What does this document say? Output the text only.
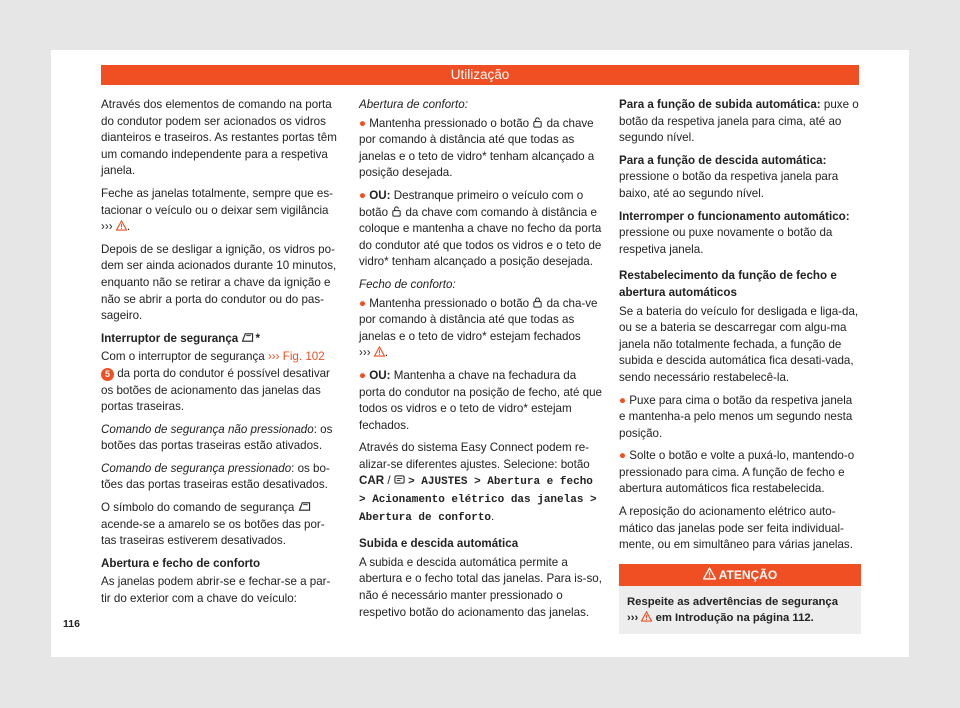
Utilização

Através dos elementos de comando na porta do condutor podem ser acionados os vidros dianteiros e traseiros. As restantes portas têm um comando independente para a respetiva janela.

Feche as janelas totalmente, sempre que es-tacionar o veículo ou o deixar sem vigilância
››› .

Depois de se desligar a ignição, os vidros po-dem ser ainda acionados durante 10 minutos, enquanto não se retirar a chave da ignição e não se abrir a porta do condutor ou do pas-sageiro.

Interruptor de segurança *

Com o interruptor de segurança ››› Fig. 102
5 da porta do condutor é possível desativar os botões de acionamento das janelas das portas traseiras.

Comando de segurança não pressionado: os botões das portas traseiras estão ativados.

Comando de segurança pressionado: os bo-tões das portas traseiras estão desativados.

O símbolo do comando de segurança  acende-se a amarelo se os botões das por-tas traseiras estiverem desativados.

Abertura e fecho de conforto

As janelas podem abrir-se e fechar-se a par-tir do exterior com a chave do veículo:

Abertura de conforto:

● Mantenha pressionado o botão da chave por comando à distância até que todas as janelas e o teto de vidro* tenham alcançado a posição desejada.

● OU: Destranque primeiro o veículo com o botão da chave com comando à distância e coloque e mantenha a chave no fecho da porta do condutor até que todos os vidros e o teto de vidro* tenham alcançado a posição desejada.

Fecho de conforto:

● Mantenha pressionado o botão da cha-ve por comando à distância até que todas as janelas e o teto de vidro* estejam fechados
››› .

● OU: Mantenha a chave na fechadura da porta do condutor na posição de fecho, até que todos os vidros e o teto de vidro* estejam fechados.

Através do sistema Easy Connect podem re-alizar-se diferentes ajustes. Selecione: botão
CAR / > AJUSTES > Abertura e fecho > Acionamento elétrico das janelas > Abertura de conforto.

Subida e descida automática

A subida e descida automática permite a abertura e o fecho total das janelas. Para is-so, não é necessário manter pressionado o respetivo botão do acionamento das janelas.

Para a função de subida automática: puxe o botão da respetiva janela para cima, até ao segundo nível.

Para a função de descida automática:
pressione o botão da respetiva janela para baixo, até ao segundo nível.

Interromper o funcionamento automático:
pressione ou puxe novamente o botão da respetiva janela.

Restabelecimento da função de fecho e abertura automáticos

Se a bateria do veículo for desligada e liga-da, ou se a bateria se descarregar com algu-ma janela não totalmente fechada, a função de subida e descida automática fica desati-vada, sendo necessário restabelecê-la.

● Puxe para cima o botão da respetiva janela e mantenha-a pelo menos um segundo nesta posição.

● Solte o botão e volte a puxá-lo, mantendo-o pressionado para cima. A função de fecho e abertura automáticos fica restabelecida.

A reposição do acionamento elétrico auto-mático das janelas pode ser feita individual-mente, ou em simultâneo para várias janelas.

ATENÇÃO
Respeite as advertências de segurança
››› em Introdução na página 112.
116
